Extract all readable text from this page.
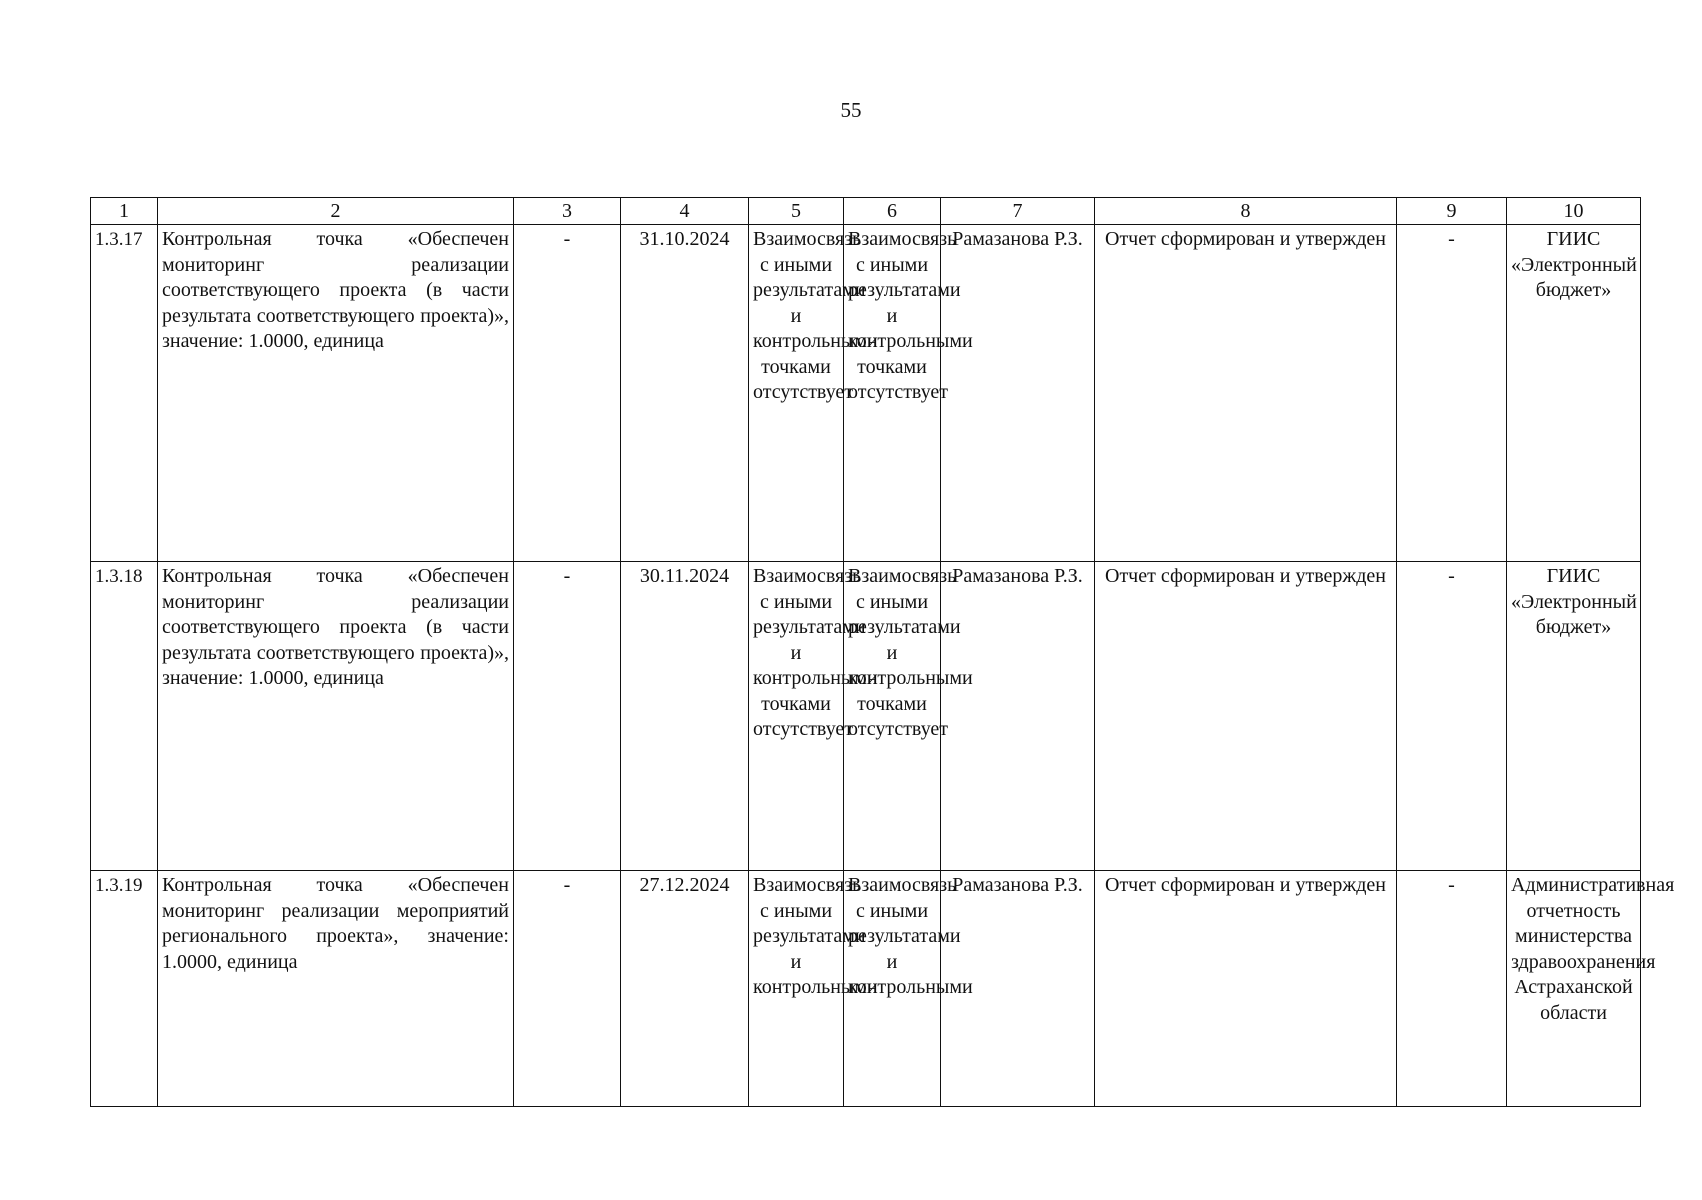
55
1	2	3	4	5	6	7	8	9	10
1.3.17	Контрольная точка «Обеспечен мониторинг реализации соответствующего проекта (в части результата соответствующего проекта)», значение: 1.0000, единица	-	31.10.2024	Взаимосвязь с иными результатами и контрольными точками отсутствует	Взаимосвязь с иными результатами и контрольными точками отсутствует	Рамазанова Р.З.	Отчет сформирован и утвержден	-	ГИИС «Электронный бюджет»
1.3.18	Контрольная точка «Обеспечен мониторинг реализации соответствующего проекта (в части результата соответствующего проекта)», значение: 1.0000, единица	-	30.11.2024	Взаимосвязь с иными результатами и контрольными точками отсутствует	Взаимосвязь с иными результатами и контрольными точками отсутствует	Рамазанова Р.З.	Отчет сформирован и утвержден	-	ГИИС «Электронный бюджет»
1.3.19	Контрольная точка «Обеспечен мониторинг реализации мероприятий регионального проекта», значение: 1.0000, единица	-	27.12.2024	Взаимосвязь с иными результатами и контрольными	Взаимосвязь с иными результатами и контрольными	Рамазанова Р.З.	Отчет сформирован и утвержден	-	Административная отчетность министерства здравоохранения Астраханской области
